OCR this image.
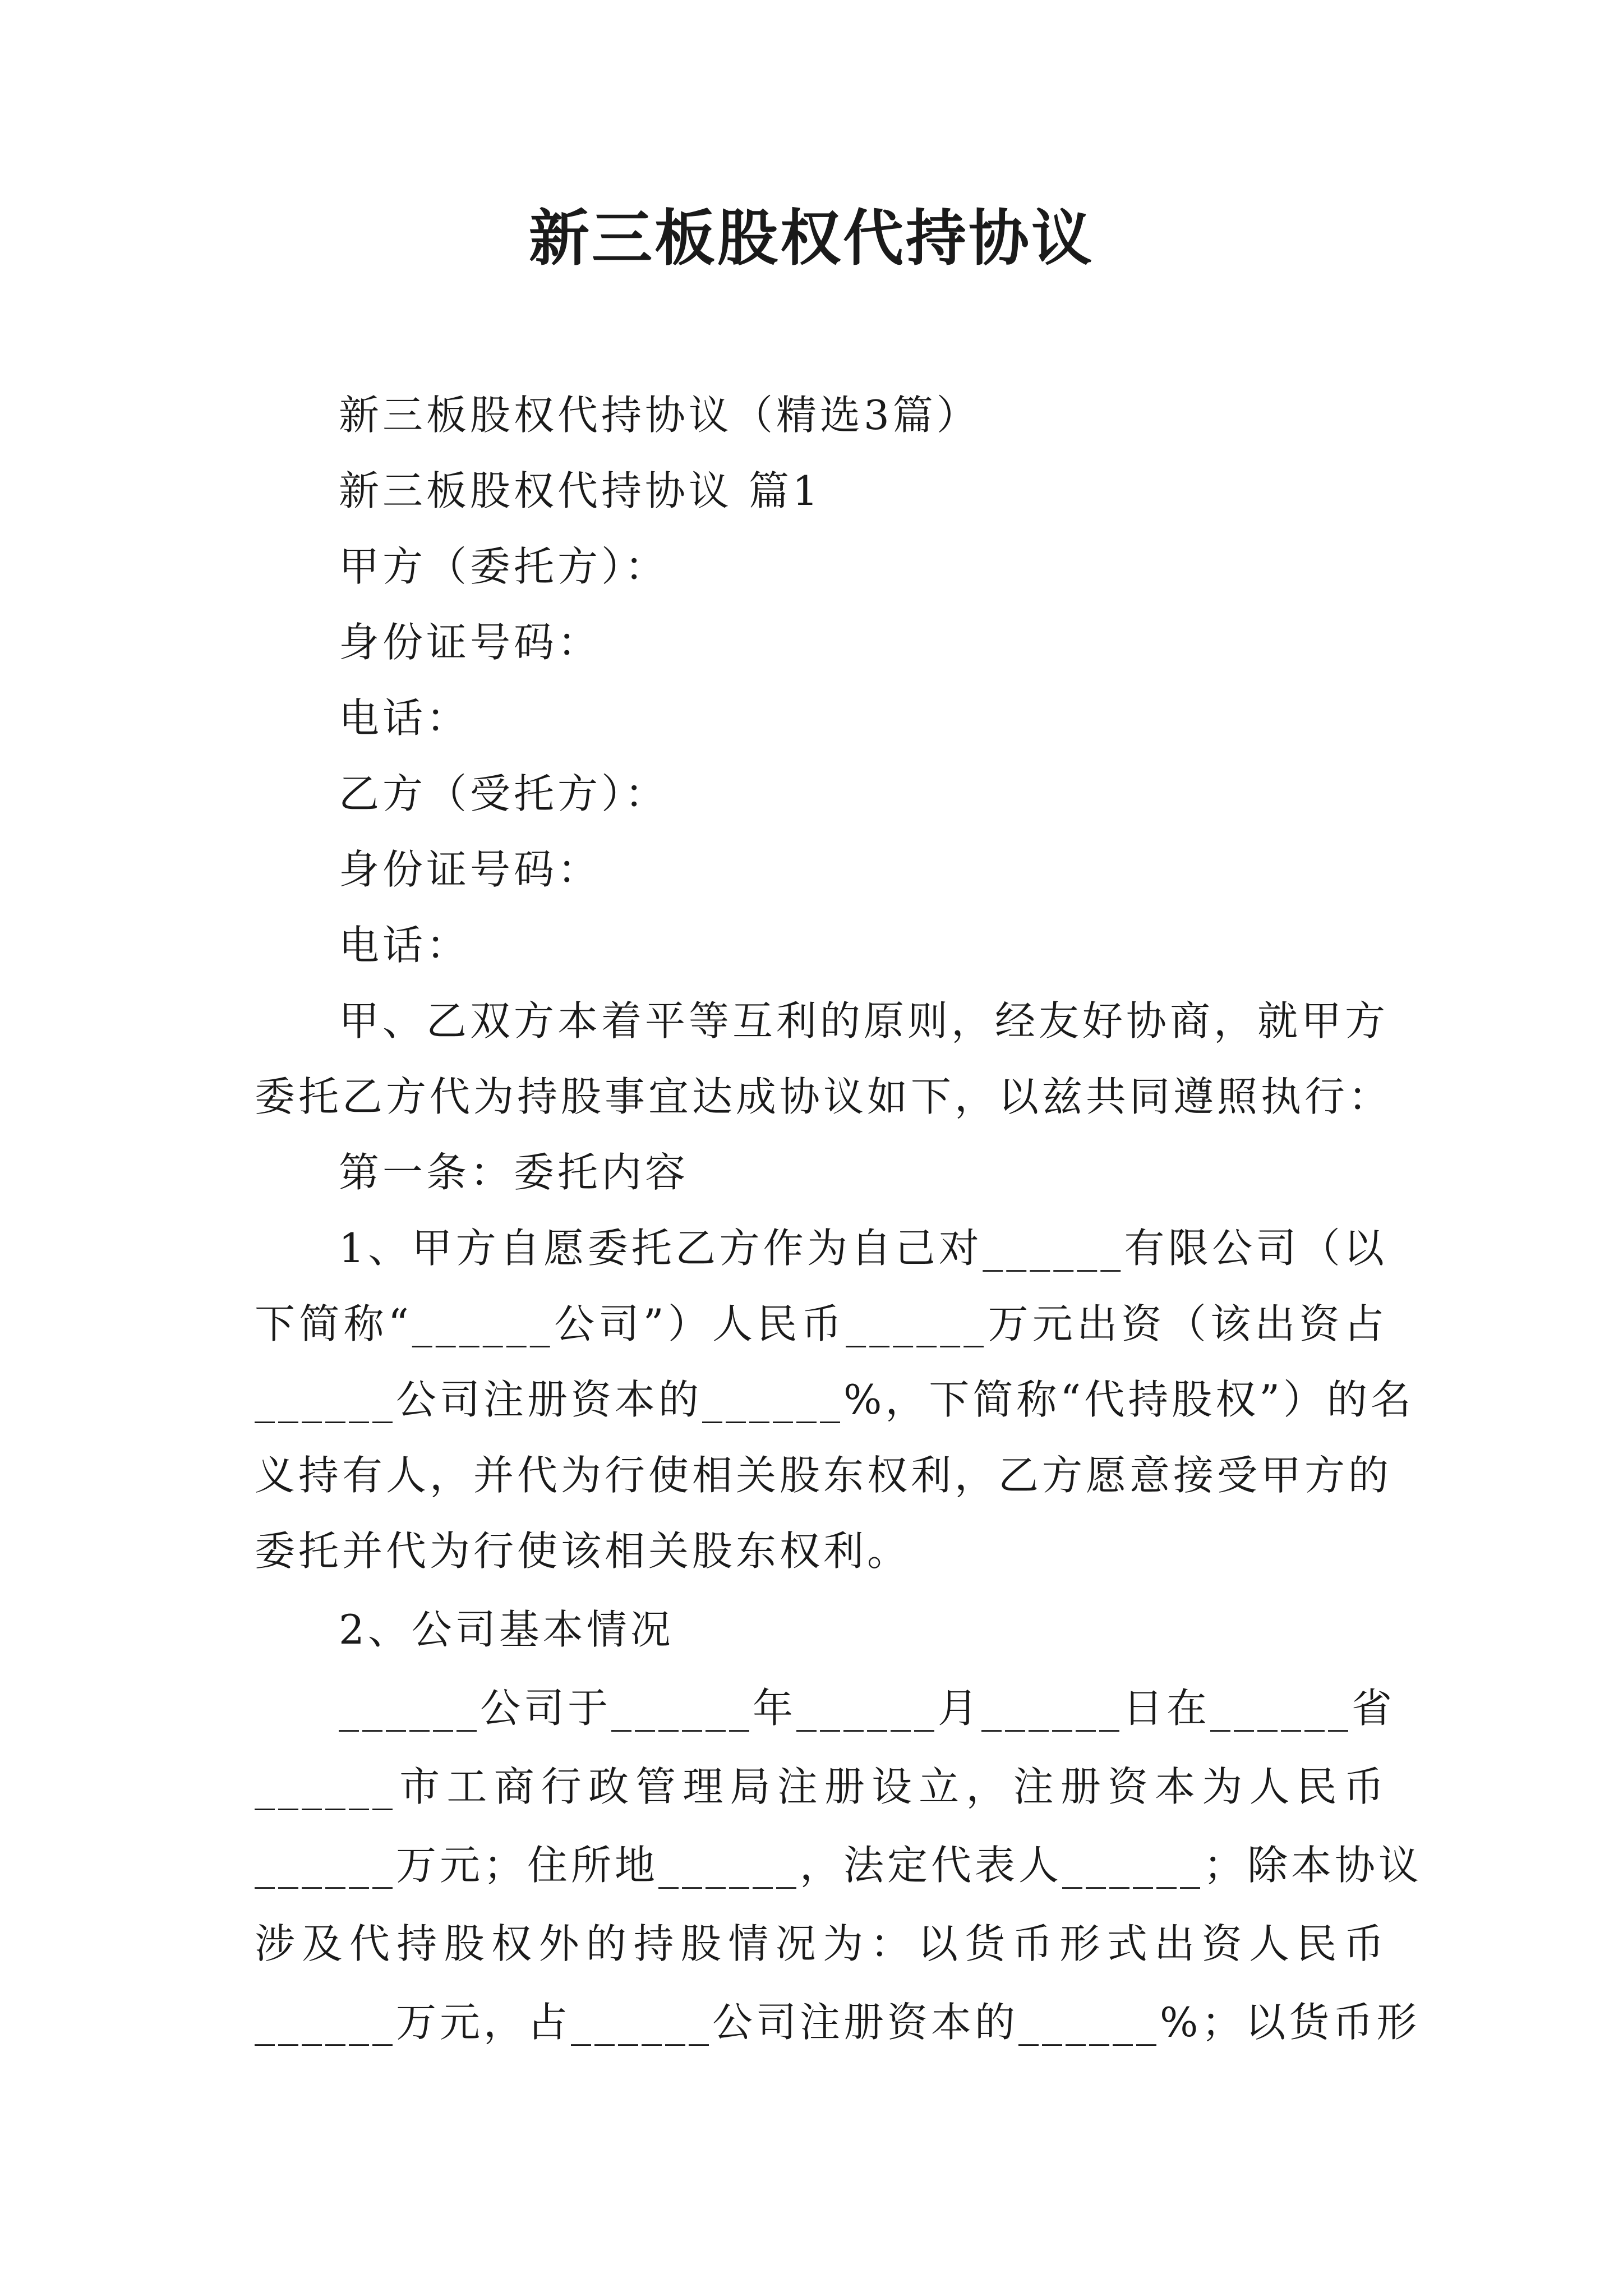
新三板股权代持协议
新三板股权代持协议（精选3篇）
新三板股权代持协议 篇1
甲方（委托方）：
身份证号码：
电话：
乙方（受托方）：
身份证号码：
电话：
甲、乙双方本着平等互利的原则，经友好协商，就甲方
委托乙方代为持股事宜达成协议如下，以兹共同遵照执行：
第一条：委托内容
1、甲方自愿委托乙方作为自己对______有限公司（以
下简称“______公司”）人民币______万元出资（该出资占
______公司注册资本的______%，下简称“代持股权”）的名
义持有人，并代为行使相关股东权利，乙方愿意接受甲方的
委托并代为行使该相关股东权利。
2、公司基本情况
______公司于______年______月______日在______省
______市工商行政管理局注册设立，注册资本为人民币
______万元；住所地______，法定代表人______；除本协议
涉及代持股权外的持股情况为：以货币形式出资人民币
______万元，占______公司注册资本的______%；以货币形
